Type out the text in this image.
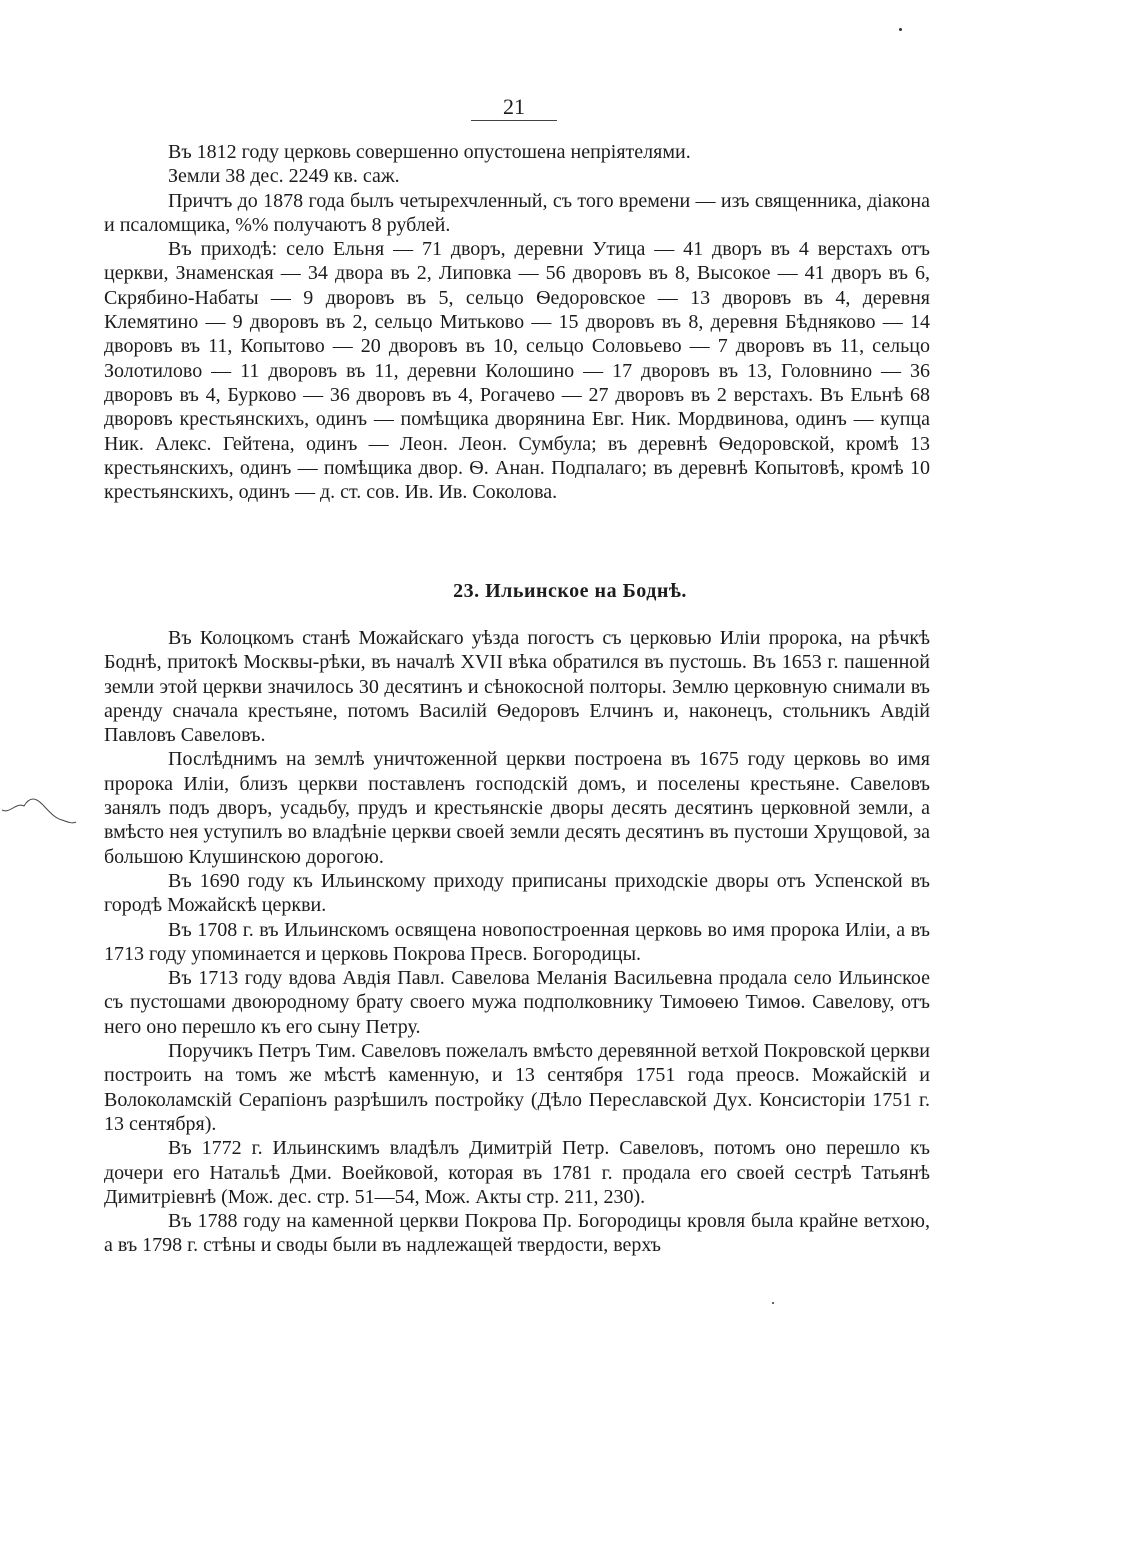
21

Въ 1812 году церковь совершенно опустошена непріятелями.

Земли 38 дес. 2249 кв. саж.

Причтъ до 1878 года былъ четырехчленный, съ того времени — изъ священника, діакона и псаломщика, %% получаютъ 8 рублей.

Въ приходѣ: село Ельня — 71 дворъ, деревни Утица — 41 дворъ въ 4 верстахъ отъ церкви, Знаменская — 34 двора въ 2, Липовка — 56 дворовъ въ 8, Высокое — 41 дворъ въ 6, Скрябино-Набаты — 9 дворовъ въ 5, сельцо Ѳедоровское — 13 дворовъ въ 4, деревня Клемятино — 9 дворовъ въ 2, сельцо Митьково — 15 дворовъ въ 8, деревня Бѣдняково — 14 дворовъ въ 11, Копытово — 20 дворовъ въ 10, сельцо Соловьево — 7 дворовъ въ 11, сельцо Золотилово — 11 дворовъ въ 11, деревни Колошино — 17 дворовъ въ 13, Головнино — 36 дворовъ въ 4, Бурково — 36 дворовъ въ 4, Рогачево — 27 дворовъ въ 2 верстахъ. Въ Ельнѣ 68 дворовъ крестьянскихъ, одинъ — помѣщика дворянина Евг. Ник. Мордвинова, одинъ — купца Ник. Алекс. Гейтена, одинъ — Леон. Леон. Сумбула; въ деревнѣ Ѳедоровской, кромѣ 13 крестьянскихъ, одинъ — помѣщика двор. Ѳ. Анан. Подпалаго; въ деревнѣ Копытовѣ, кромѣ 10 крестьянскихъ, одинъ — д. ст. сов. Ив. Ив. Соколова.

23. Ильинское на Боднѣ.

Въ Колоцкомъ станѣ Можайскаго уѣзда погостъ съ церковью Иліи пророка, на рѣчкѣ Боднѣ, притокѣ Москвы-рѣки, въ началѣ XVII вѣка обратился въ пустошь. Въ 1653 г. пашенной земли этой церкви значилось 30 десятинъ и сѣнокосной полторы. Землю церковную снимали въ аренду сначала крестьяне, потомъ Василій Ѳедоровъ Елчинъ и, наконецъ, стольникъ Авдій Павловъ Савеловъ.

Послѣднимъ на землѣ уничтоженной церкви построена въ 1675 году церковь во имя пророка Иліи, близъ церкви поставленъ господскій домъ, и поселены крестьяне. Савеловъ занялъ подъ дворъ, усадьбу, прудъ и крестьянскіе дворы десять десятинъ церковной земли, а вмѣсто нея уступилъ во владѣніе церкви своей земли десять десятинъ въ пустоши Хрущовой, за большою Клушинскою дорогою.

Въ 1690 году къ Ильинскому приходу приписаны приходскіе дворы отъ Успенской въ городѣ Можайскѣ церкви.

Въ 1708 г. въ Ильинскомъ освящена новопостроенная церковь во имя пророка Иліи, а въ 1713 году упоминается и церковь Покрова Пресв. Богородицы.

Въ 1713 году вдова Авдія Павл. Савелова Меланія Васильевна продала село Ильинское съ пустошами двоюродному брату своего мужа подполковнику Тимоѳею Тимоѳ. Савелову, отъ него оно перешло къ его сыну Петру.

Поручикъ Петръ Тим. Савеловъ пожелалъ вмѣсто деревянной ветхой Покровской церкви построить на томъ же мѣстѣ каменную, и 13 сентября 1751 года преосв. Можайскій и Волоколамскій Серапіонъ разрѣшилъ постройку (Дѣло Переславской Дух. Консисторіи 1751 г. 13 сентября).

Въ 1772 г. Ильинскимъ владѣлъ Димитрій Петр. Савеловъ, потомъ оно перешло къ дочери его Натальѣ Дми. Воейковой, которая въ 1781 г. продала его своей сестрѣ Татьянѣ Димитріевнѣ (Мож. дес. стр. 51—54, Мож. Акты стр. 211, 230).

Въ 1788 году на каменной церкви Покрова Пр. Богородицы кровля была крайне ветхою, а въ 1798 г. стѣны и своды были въ надлежащей твердости, верхъ
